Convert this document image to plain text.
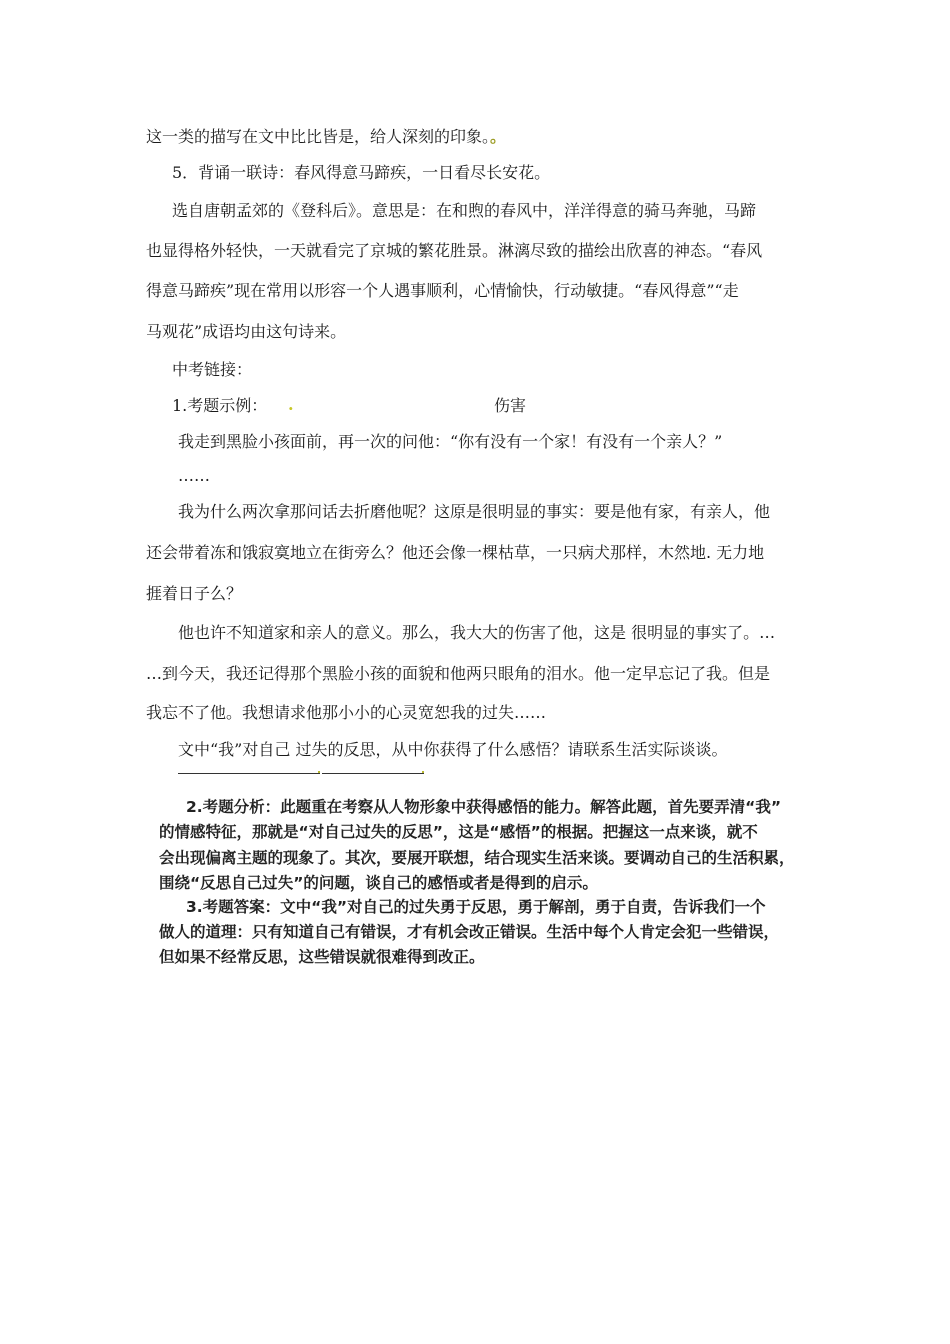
这一类的描写在文中比比皆是，给人深刻的印象。。
5．背诵一联诗：春风得意马蹄疾，一日看尽长安花。
选自唐朝孟郊的《登科后》。意思是：在和煦的春风中，洋洋得意的骑马奔驰，马蹄
也显得格外轻快，一天就看完了京城的繁花胜景。淋漓尽致的描绘出欣喜的神态。“春风
得意马蹄疾”现在常用以形容一个人遇事顺利，心情愉快，行动敏捷。“春风得意”“走
马观花”成语均由这句诗来。
中考链接：
1.考题示例： .	伤害
我走到黑脸小孩面前，再一次的问他：“你有没有一个家！有没有一个亲人？”
……
我为什么两次拿那问话去折磨他呢？这原是很明显的事实：要是他有家，有亲人，他
还会带着冻和饿寂寞地立在街旁么？他还会像一棵枯草，一只病犬那样，木然地. 无力地
捱着日子么？
他也许不知道家和亲人的意义。那么，我大大的伤害了他，这是 很明显的事实了。…
…到今天，我还记得那个黑脸小孩的面貌和他两只眼角的泪水。他一定早忘记了我。但是
我忘不了他。我想请求他那小小的心灵宽恕我的过失……
文中“我”对自己 过失的反思，从中你获得了什么感悟？请联系生活实际谈谈。
2.考题分析：此题重在考察从人物形象中获得感悟的能力。解答此题，首先要弄清“我”
的情感特征，那就是“对自己过失的反思”，这是“感悟”的根据。把握这一点来谈，就不
会出现偏离主题的现象了。其次，要展开联想，结合现实生活来谈。要调动自己的生活积累，
围绕“反思自己过失”的问题，谈自己的感悟或者是得到的启示。
3.考题答案：文中“我”对自己的过失勇于反思，勇于解剖，勇于自责，告诉我们一个
做人的道理：只有知道自己有错误，才有机会改正错误。生活中每个人肯定会犯一些错误，
但如果不经常反思，这些错误就很难得到改正。
